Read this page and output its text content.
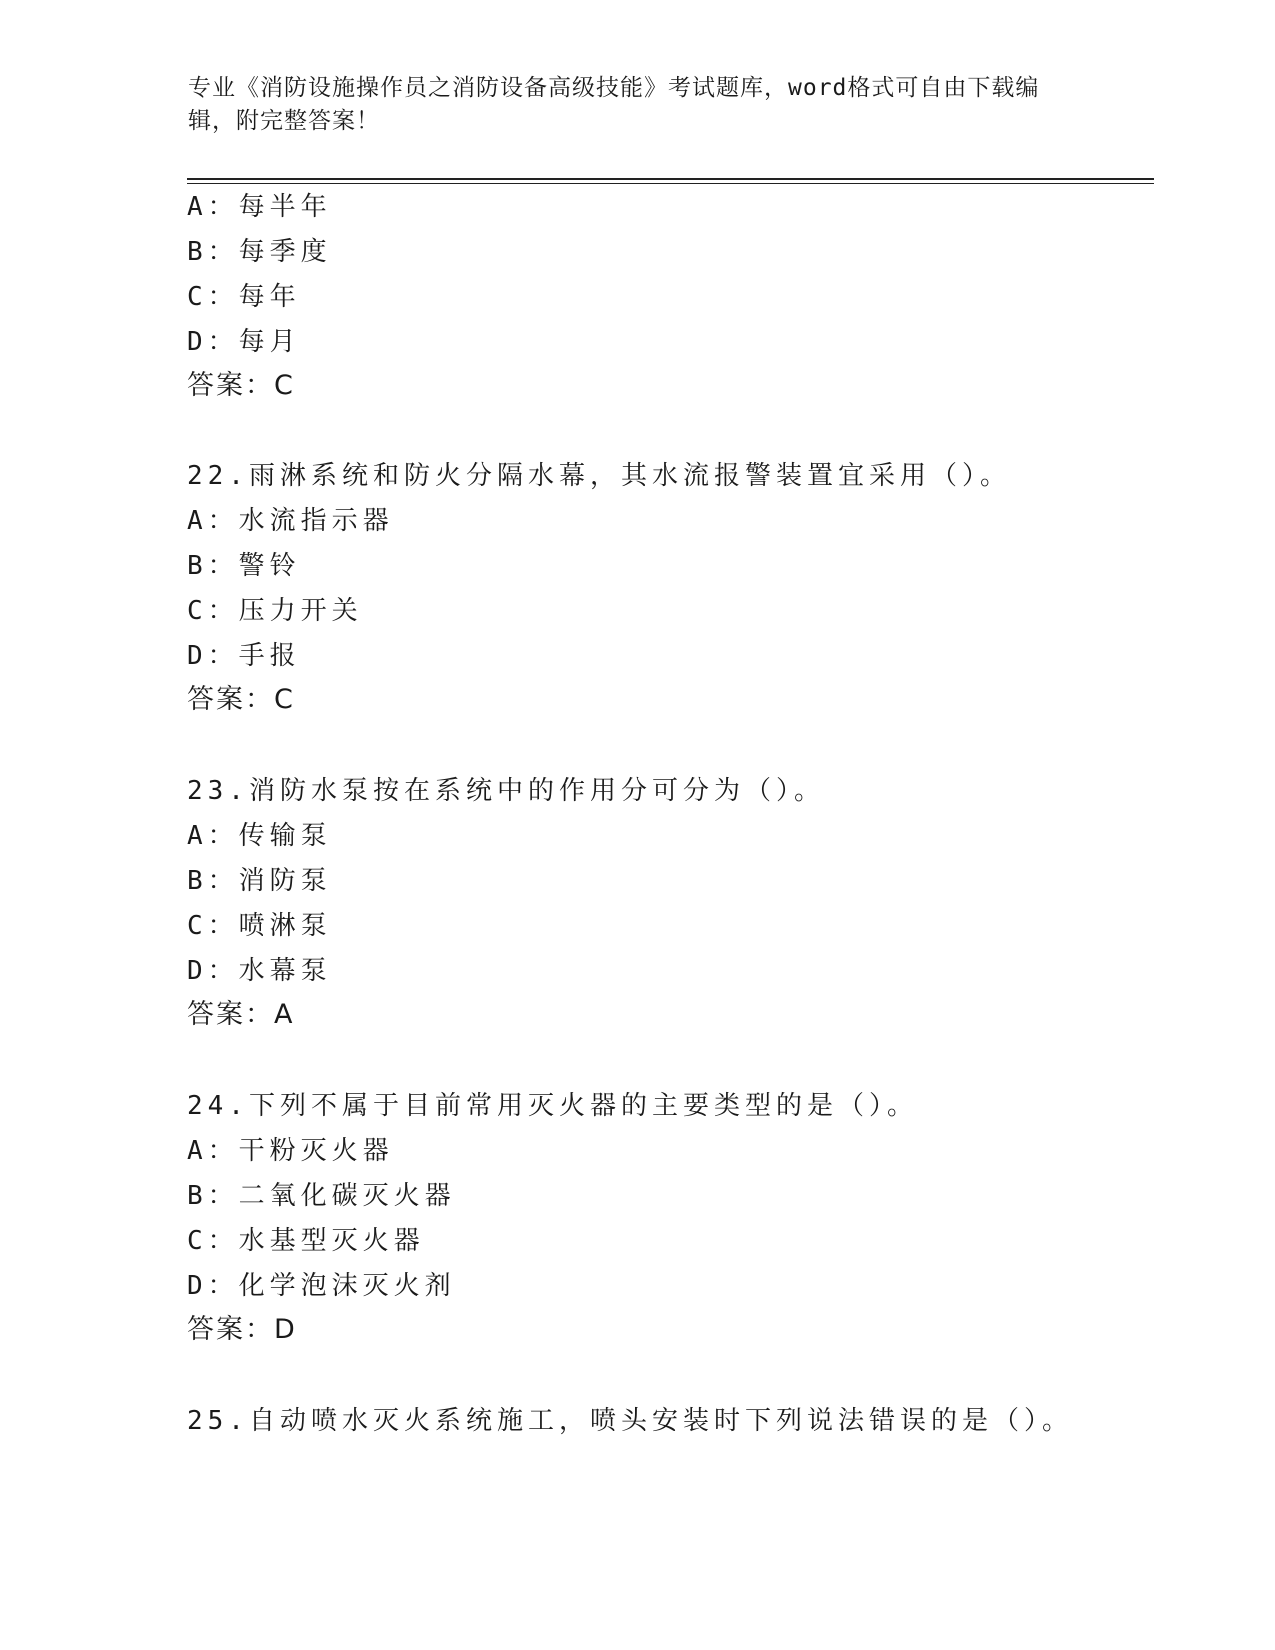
专业《消防设施操作员之消防设备高级技能》考试题库，word格式可自由下载编
辑，附完整答案！
A：每半年
B：每季度
C：每年
D：每月
答案：C
22.雨淋系统和防火分隔水幕，其水流报警装置宜采用（）。
A：水流指示器
B：警铃
C：压力开关
D：手报
答案：C
23.消防水泵按在系统中的作用分可分为（）。
A：传输泵
B：消防泵
C：喷淋泵
D：水幕泵
答案：A
24.下列不属于目前常用灭火器的主要类型的是（）。
A：干粉灭火器
B：二氧化碳灭火器
C：水基型灭火器
D：化学泡沫灭火剂
答案：D
25.自动喷水灭火系统施工，喷头安装时下列说法错误的是（）。
